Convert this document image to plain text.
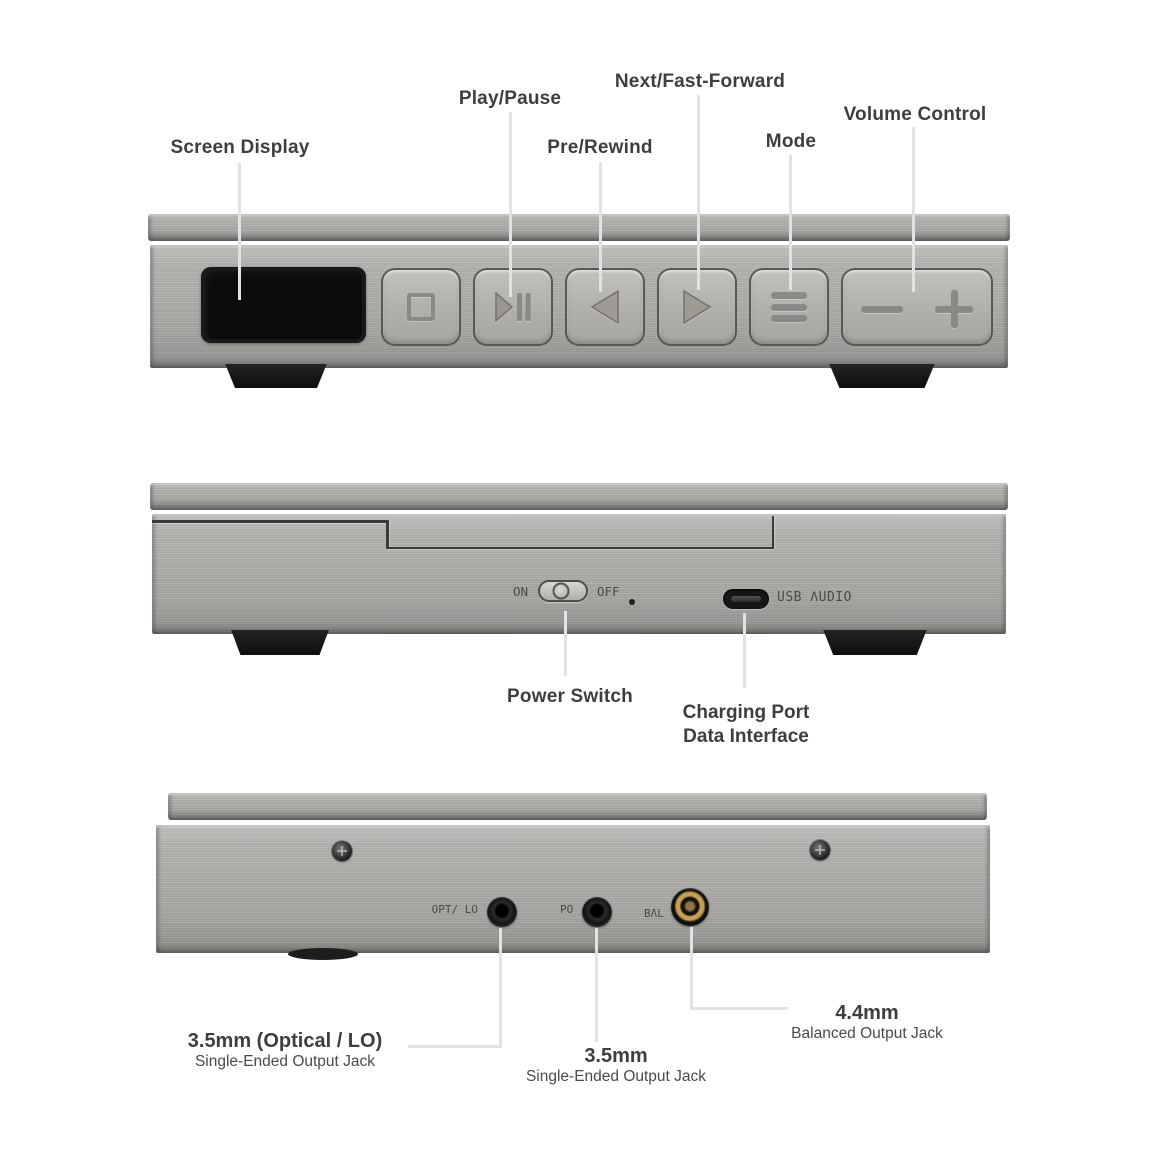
Screen Display
Play/Pause
Pre/Rewind
Next/Fast-Forward
Mode
Volume Control
ON	OFF	USB ΛUDIO
Power Switch
Charging Port
Data Interface
OPT/ LO	PO	BΛL
3.5mm (Optical / LO)
Single-Ended Output Jack	3.5mm
Single-Ended Output Jack
4.4mm
Balanced Output Jack
